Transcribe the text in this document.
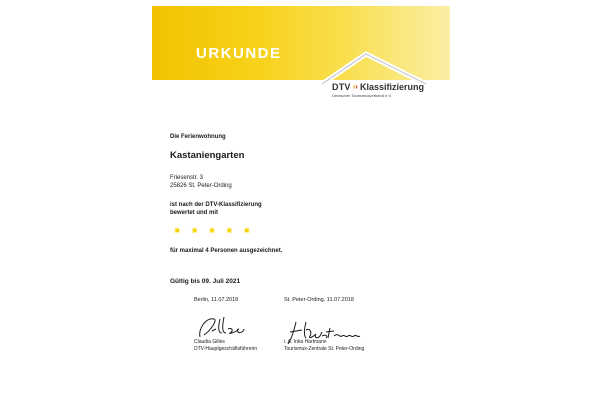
URKUNDE
DTV › › Klassifizierung
Deutscher Tourismusverband e.V.
Die Ferienwohnung
Kastaniengarten
Friesenstr. 3
25826 St. Peter-Ording
ist nach der DTV-Klassifizierung
bewertet und mit
✷ ✷ ✷ ✷ ✷
für maximal 4 Personen ausgezeichnet.
Gültig bis 09. Juli 2021
Berlin, 11.07.2018	St. Peter-Ording, 11.07.2018
Claudia Gilles
DTV-Hauptgeschäftsführerin
i. A. Inka Hartmann
Tourismus-Zentrale St. Peter-Ording
